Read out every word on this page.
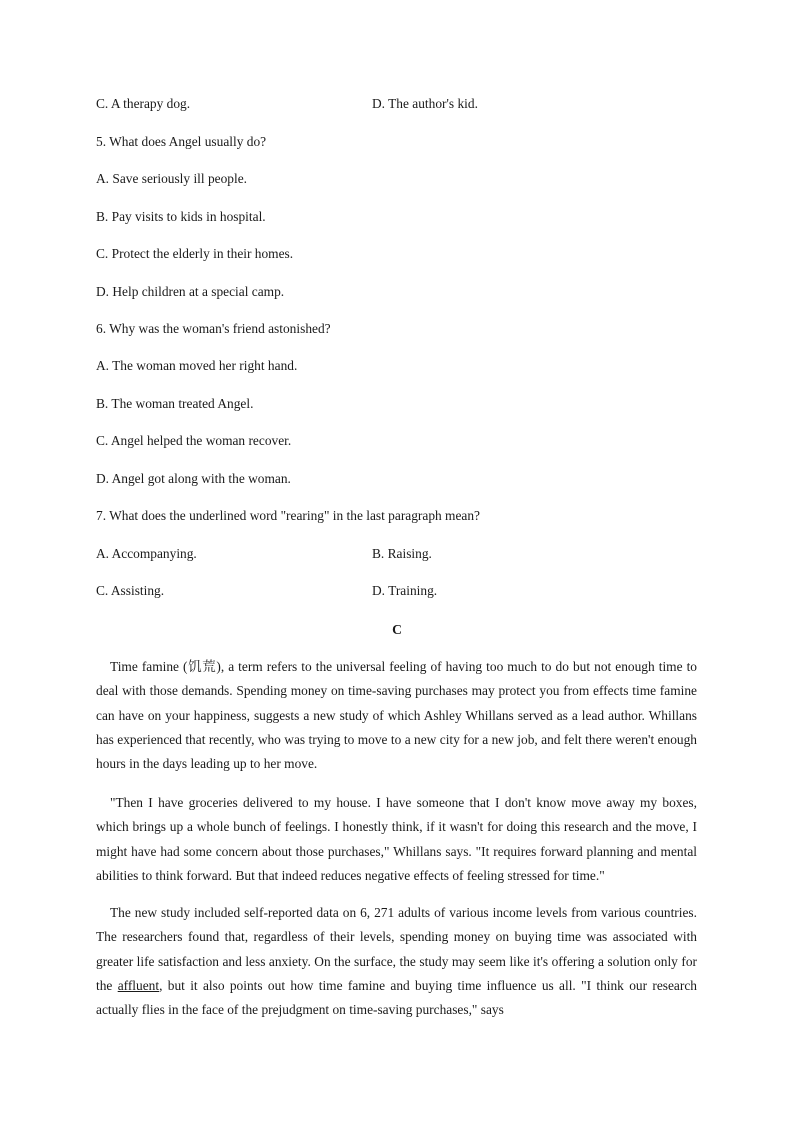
C. A therapy dog.	D. The author's kid.
5. What does Angel usually do?
A. Save seriously ill people.
B. Pay visits to kids in hospital.
C. Protect the elderly in their homes.
D. Help children at a special camp.
6. Why was the woman's friend astonished?
A. The woman moved her right hand.
B. The woman treated Angel.
C. Angel helped the woman recover.
D. Angel got along with the woman.
7. What does the underlined word "rearing" in the last paragraph mean?
A. Accompanying.	B. Raising.
C. Assisting.	D. Training.
C

Time famine (饥荒), a term refers to the universal feeling of having too much to do but not enough time to deal with those demands. Spending money on time-saving purchases may protect you from effects time famine can have on your happiness, suggests a new study of which Ashley Whillans served as a lead author. Whillans has experienced that recently, who was trying to move to a new city for a new job, and felt there weren't enough hours in the days leading up to her move.

"Then I have groceries delivered to my house. I have someone that I don't know move away my boxes, which brings up a whole bunch of feelings. I honestly think, if it wasn't for doing this research and the move, I might have had some concern about those purchases," Whillans says. "It requires forward planning and mental abilities to think forward. But that indeed reduces negative effects of feeling stressed for time."

The new study included self-reported data on 6, 271 adults of various income levels from various countries. The researchers found that, regardless of their levels, spending money on buying time was associated with greater life satisfaction and less anxiety. On the surface, the study may seem like it's offering a solution only for the affluent, but it also points out how time famine and buying time influence us all. "I think our research actually flies in the face of the prejudgment on time-saving purchases," says
